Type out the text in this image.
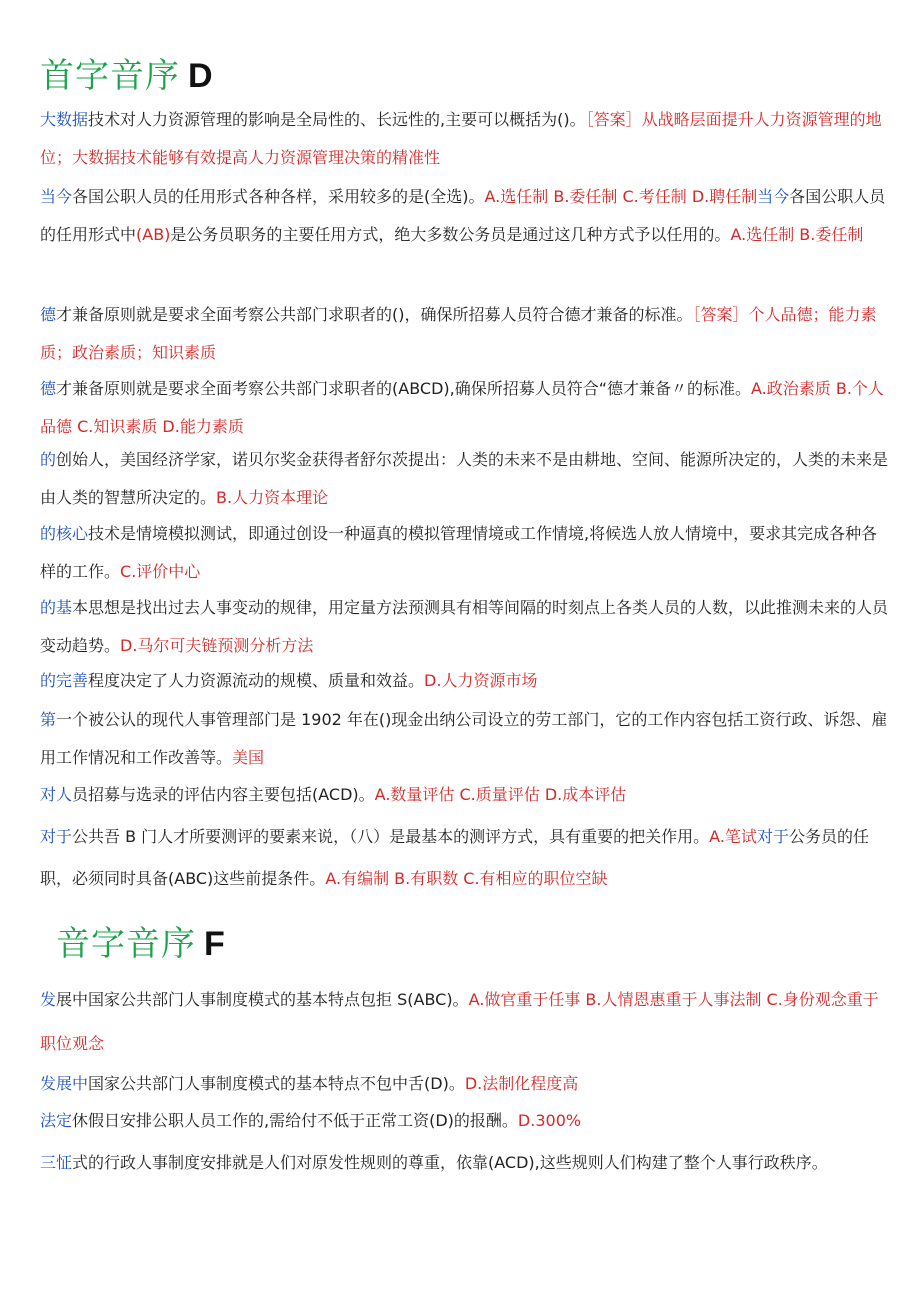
首字音序 D
大数据技术对人力资源管理的影响是全局性的、长远性的,主要可以概括为()。［答案］从战略层面提升人力资源管理的地位；大数据技术能够有效提高人力资源管理决策的精准性
当今各国公职人员的任用形式各种各样，采用较多的是(全选)。A.选任制 B.委任制 C.考任制 D.聘任制当今各国公职人员的任用形式中(AB)是公务员职务的主要任用方式，绝大多数公务员是通过这几种方式予以任用的。A.选任制 B.委任制
德才兼备原则就是要求全面考察公共部门求职者的()，确保所招募人员符合德才兼备的标准。［答案］个人品德；能力素质；政治素质；知识素质
德才兼备原则就是要求全面考察公共部门求职者的(ABCD),确保所招募人员符合“德才兼备〃的标准。A.政治素质 B.个人品德 C.知识素质 D.能力素质
的创始人，美国经济学家，诺贝尔奖金获得者舒尔茨提出：人类的未来不是由耕地、空间、能源所决定的，人类的未来是由人类的智慧所决定的。B.人力资本理论
的核心技术是情境模拟测试，即通过创设一种逼真的模拟管理情境或工作情境,将候选人放人情境中，要求其完成各种各样的工作。C.评价中心
的基本思想是找出过去人事变动的规律，用定量方法预测具有相等间隔的时刻点上各类人员的人数，以此推测未来的人员变动趋势。D.马尔可夫链预测分析方法
的完善程度决定了人力资源流动的规模、质量和效益。D.人力资源市场
第一个被公认的现代人事管理部门是 1902 年在()现金出纳公司设立的劳工部门，它的工作内容包括工资行政、诉怨、雇用工作情况和工作改善等。美国
对人员招募与选录的评估内容主要包括(ACD)。A.数量评估 C.质量评估 D.成本评估
对于公共吾 B 门人才所要测评的要素来说，（八）是最基本的测评方式，具有重要的把关作用。A.笔试对于公务员的任职，必须同时具备(ABC)这些前提条件。A.有编制 B.有职数 C.有相应的职位空缺
音字音序 F
发展中国家公共部门人事制度模式的基本特点包拒 S(ABC)。A.做官重于任事 B.人情恩惠重于人事法制 C.身份观念重于职位观念
发展中国家公共部门人事制度模式的基本特点不包中舌(D)。D.法制化程度高
法定休假日安排公职人员工作的,需给付不低于正常工资(D)的报酬。D.300%
三怔式的行政人事制度安排就是人们对原发性规则的尊重，依靠(ACD),这些规则人们构建了整个人事行政秩序。
